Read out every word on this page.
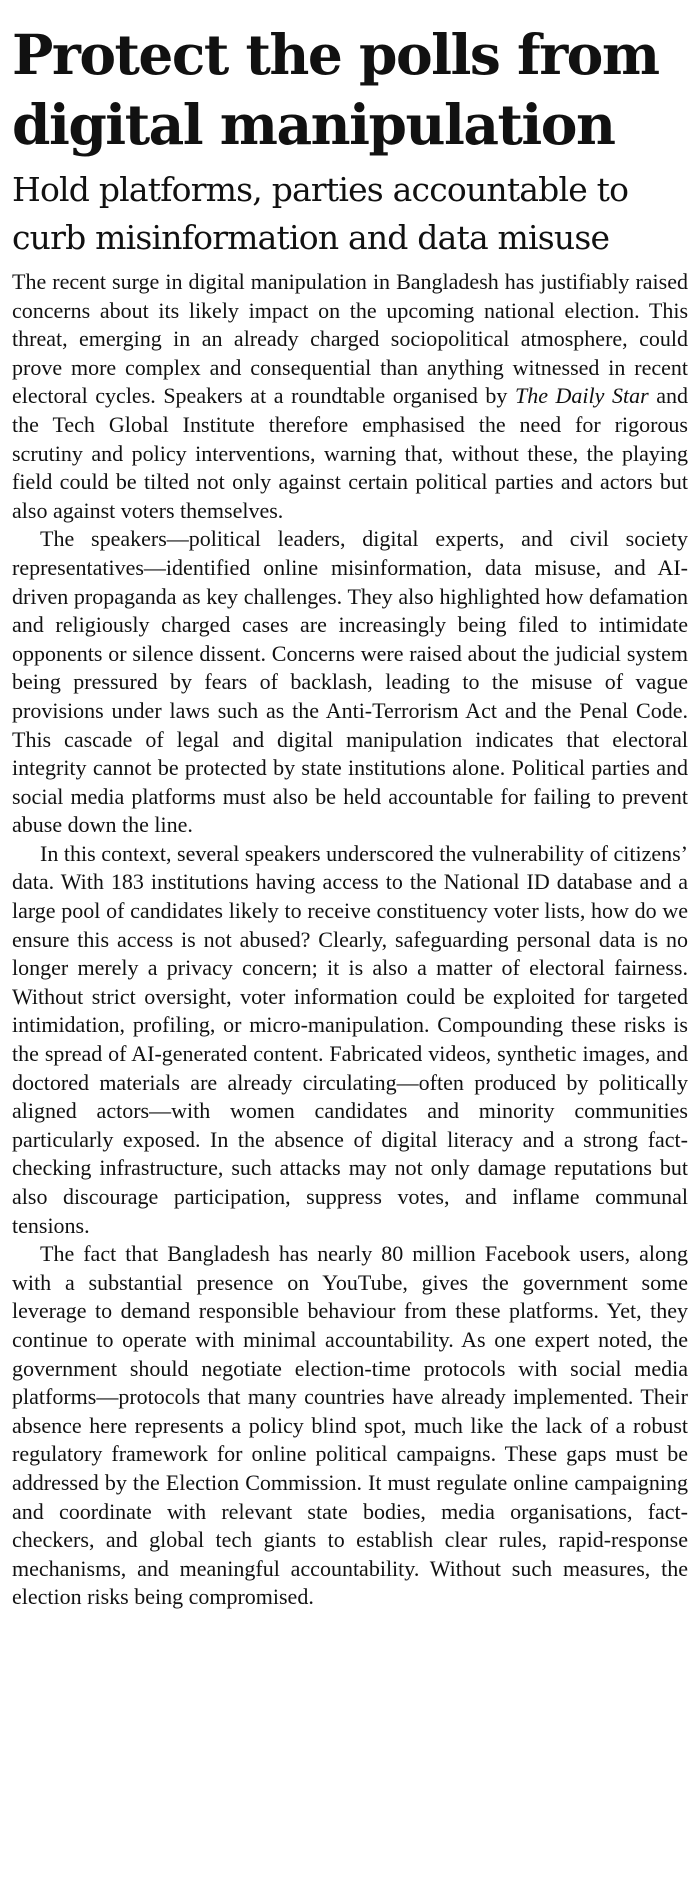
Protect the polls from digital manipulation
Hold platforms, parties accountable to curb misinformation and data misuse

The recent surge in digital manipulation in Bangladesh has justifiably raised concerns about its likely impact on the upcoming national election. This threat, emerging in an already charged sociopolitical atmosphere, could prove more complex and consequential than anything witnessed in recent electoral cycles. Speakers at a roundtable organised by The Daily Star and the Tech Global Institute therefore emphasised the need for rigorous scrutiny and policy interventions, warning that, without these, the playing field could be tilted not only against certain political parties and actors but also against voters themselves.

The speakers—political leaders, digital experts, and civil society representatives—identified online misinformation, data misuse, and AI-driven propaganda as key challenges. They also highlighted how defamation and religiously charged cases are increasingly being filed to intimidate opponents or silence dissent. Concerns were raised about the judicial system being pressured by fears of backlash, leading to the misuse of vague provisions under laws such as the Anti-Terrorism Act and the Penal Code. This cascade of legal and digital manipulation indicates that electoral integrity cannot be protected by state institutions alone. Political parties and social media platforms must also be held accountable for failing to prevent abuse down the line.

In this context, several speakers underscored the vulnerability of citizens’ data. With 183 institutions having access to the National ID database and a large pool of candidates likely to receive constituency voter lists, how do we ensure this access is not abused? Clearly, safeguarding personal data is no longer merely a privacy concern; it is also a matter of electoral fairness. Without strict oversight, voter information could be exploited for targeted intimidation, profiling, or micro-manipulation. Compounding these risks is the spread of AI-generated content. Fabricated videos, synthetic images, and doctored materials are already circulating—often produced by politically aligned actors—with women candidates and minority communities particularly exposed. In the absence of digital literacy and a strong fact-checking infrastructure, such attacks may not only damage reputations but also discourage participation, suppress votes, and inflame communal tensions.

The fact that Bangladesh has nearly 80 million Facebook users, along with a substantial presence on YouTube, gives the government some leverage to demand responsible behaviour from these platforms. Yet, they continue to operate with minimal accountability. As one expert noted, the government should negotiate election-time protocols with social media platforms—protocols that many countries have already implemented. Their absence here represents a policy blind spot, much like the lack of a robust regulatory framework for online political campaigns. These gaps must be addressed by the Election Commission. It must regulate online campaigning and coordinate with relevant state bodies, media organisations, fact-checkers, and global tech giants to establish clear rules, rapid-response mechanisms, and meaningful accountability. Without such measures, the election risks being compromised.
